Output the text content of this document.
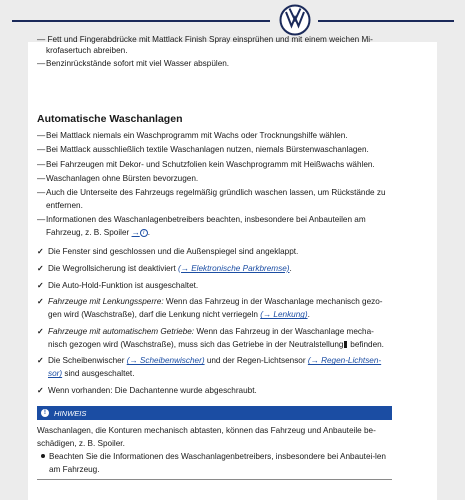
— Fett und Fingerabdrücke mit Mattlack Finish Spray einsprühen und mit einem weichen Mi-
krofasertuch abreiben.
— Benzinrückstände sofort mit viel Wasser abspülen.
Automatische Waschanlagen
— Bei Mattlack niemals ein Waschprogramm mit Wachs oder Trocknungshilfe wählen.
— Bei Mattlack ausschließlich textile Waschanlagen nutzen, niemals Bürstenwaschanlagen.
— Bei Fahrzeugen mit Dekor- und Schutzfolien kein Waschprogramm mit Heißwachs wählen.
— Waschanlagen ohne Bürsten bevorzugen.
— Auch die Unterseite des Fahrzeugs regelmäßig gründlich waschen lassen, um Rückstände zu entfernen.
— Informationen des Waschanlagenbetreibers beachten, insbesondere bei Anbauteilen am Fahrzeug, z. B. Spoiler → i .
✓ Die Fenster sind geschlossen und die Außenspiegel sind angeklappt.
✓ Die Wegrollsicherung ist deaktiviert (→ Elektronische Parkbremse).
✓ Die Auto-Hold-Funktion ist ausgeschaltet.
✓ Fahrzeuge mit Lenkungssperre: Wenn das Fahrzeug in der Waschanlage mechanisch gezo-gen wird (Waschstraße), darf die Lenkung nicht verriegeln (→ Lenkung).
✓ Fahrzeuge mit automatischem Getriebe: Wenn das Fahrzeug in der Waschanlage mecha-nisch gezogen wird (Waschstraße), muss sich das Getriebe in der Neutralstellung befinden.
✓ Die Scheibenwischer (→ Scheibenwischer) und der Regen-Lichtsensor (→ Regen-Lichtsen-sor) sind ausgeschaltet.
✓ Wenn vorhanden: Die Dachantenne wurde abgeschraubt.
!	HINWEIS
Waschanlagen, die Konturen mechanisch abtasten, können das Fahrzeug und Anbauteile be-schädigen, z. B. Spoiler.
Beachten Sie die Informationen des Waschanlagenbetreibers, insbesondere bei Anbautei-len am Fahrzeug.
